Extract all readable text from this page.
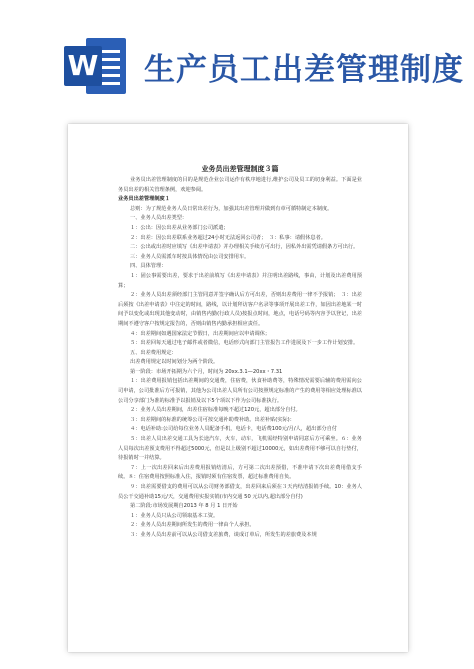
W 生产员工出差管理制度
业务员出差管理制度３篇

业务员出差管理制度的目的是规范企业公司运作有秩序地进行,维护公司及员工的切身利益。下面是业务员出差的相关管理条例，欢迎参阅。

业务员出差管理制度１

总则：为了规范业务人员日常出差行为，加强其出差管理并做到有章可循特制定本制度。

一、业务人员出差类型：

１：公出：因公出差从业务部门公司派遣；

２：出差：因公出差联系业务超过24小时无法返回公司者；　３：私事：请假休息者。

二：公出或出差时应填写《出差申请表》并办理相关手续方可出行，因私外出需凭请假条方可出行。

三：业务人员需派车时按具体情况由公司安排用车。

四、具体管理：

１：固公事需要出差，要求于出差前填写《出差申请表》并注明出差路线，事由，计划及出差费用预算；

２：业务人员出差须经部门主管同意并签字确认后方可出差，否则出差费用一律不予报销；　３：出差后须按《出差申请表》中注定的时间，路线，以计划拜访客户名录等事项开展出差工作，如因出差地某一时间予以变化或出现其他变动时，由销售内勤(行政人员)按报点时间，地点，电话号码等内容予以登记，出差期间不遵守客户按规定报告的，否则由销售内勤承担相应责任。

４：出差期间如遇国家法定节假日，出差期间应以申请调休；

５：出差回每天通过电子邮件或者微信，电话形式向部门主管报告工作进展及下一步工作计划安排。

五、出差费用规定：

出差费用规定以时间划分为两个阶段。

第一阶段：市场开拓期为六个月，时间为 20xx.3.1—20xx・7.31

１：出差费用报销包括出差期间的交通费，住宿费，伙食补助费等，特殊情况需要后辅的费用需向公司申请，公司批准后方可报销，其他为公司出差人员所有公司按照规定标准的产生的费用等相应处理标准以公司分享部门为准的标准予以报销及以下5个项以下作为公司标准执行。

２：业务人员出差期间，出差住宿标准每晚不超过120元，超出部分自付。

３：出差期间的标准的统筹公司可按交通补助费补助。出差补贴(实际)：

４：电话补助:公司给每位业务人员配备手机，电话卡，电话费100元/月/人，超出部分自付

５：出差人员出差交通工具为长途汽车，火车，动车，飞机需经特别申请同意后方可乘坐。６：业务人员每次出差预支费用不得超过5000元，但是以上级别不超过10000元，如出差费用不够可以自行垫付，待报销时一并结算。

７：上一次出差回来后出差费用报销结清后，方可第二次出差预借，不准申请下次出差费用借支手续。８：住宿费用按照标准入住，报销时须有住宿发票，超过标准费用自负。

９：出差需要借支的费用可以从公司财务部借支，出差回来后须在３天内结清报销手续。10：业务人员公干交通补助15元/天，交通费用实报实销(市内交通 50 元以内,超出部分自付)

第二阶段:市场发展期自2013 年 8 月 1 日开始

１：业务人员只从公司领取基本工资。

２：业务人员出差期间所发生的费用一律由个人承担。

３：业务人员出差前可以从公司借支差旅费，谈成订单后，所发生的差旅费及本规
